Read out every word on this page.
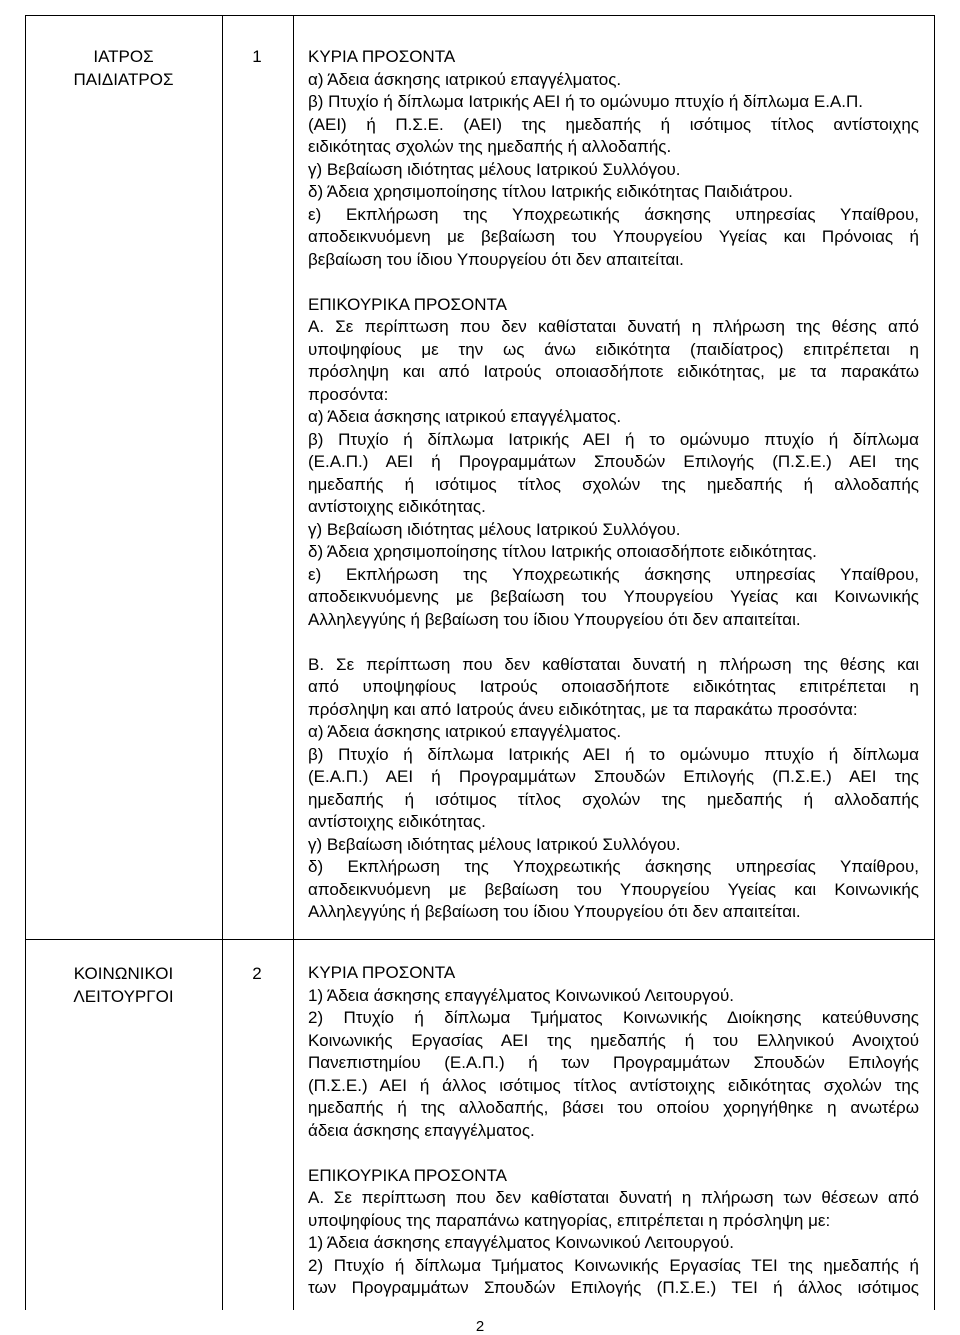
ΙΑΤΡΟΣ
ΠΑΙΔΙΑΤΡΟΣ
1	ΚΥΡΙΑ ΠΡΟΣΟΝΤΑ
α) Άδεια άσκησης ιατρικού επαγγέλματος.
β) Πτυχίο ή δίπλωμα Ιατρικής ΑΕΙ ή το ομώνυμο πτυχίο ή δίπλωμα Ε.Α.Π.
(ΑΕΙ) ή Π.Σ.Ε. (ΑΕΙ) της ημεδαπής ή ισότιμος τίτλος αντίστοιχης
ειδικότητας σχολών της ημεδαπής ή αλλοδαπής.
γ) Βεβαίωση ιδιότητας μέλους Ιατρικού Συλλόγου.
δ) Άδεια χρησιμοποίησης τίτλου Ιατρικής ειδικότητας Παιδιάτρου.
ε) Εκπλήρωση της Υποχρεωτικής άσκησης υπηρεσίας Υπαίθρου,
αποδεικνυόμενη με βεβαίωση του Υπουργείου Υγείας και Πρόνοιας ή
βεβαίωση του ίδιου Υπουργείου ότι δεν απαιτείται.
ΕΠΙΚΟΥΡΙΚΑ ΠΡΟΣΟΝΤΑ
Α. Σε περίπτωση που δεν καθίσταται δυνατή η πλήρωση της θέσης από
υποψηφίους με την ως άνω ειδικότητα (παιδίατρος) επιτρέπεται η
πρόσληψη και από Ιατρούς οποιασδήποτε ειδικότητας, με τα παρακάτω
προσόντα:
α) Άδεια άσκησης ιατρικού επαγγέλματος.
β) Πτυχίο ή δίπλωμα Ιατρικής ΑΕΙ ή το ομώνυμο πτυχίο ή δίπλωμα
(Ε.Α.Π.) ΑΕΙ ή Προγραμμάτων Σπουδών Επιλογής (Π.Σ.Ε.) ΑΕΙ της
ημεδαπής ή ισότιμος τίτλος σχολών της ημεδαπής ή αλλοδαπής
αντίστοιχης ειδικότητας.
γ) Βεβαίωση ιδιότητας μέλους Ιατρικού Συλλόγου.
δ) Άδεια χρησιμοποίησης τίτλου Ιατρικής οποιασδήποτε ειδικότητας.
ε) Εκπλήρωση της Υποχρεωτικής άσκησης υπηρεσίας Υπαίθρου,
αποδεικνυόμενης με βεβαίωση του Υπουργείου Υγείας και Κοινωνικής
Αλληλεγγύης ή βεβαίωση του ίδιου Υπουργείου ότι δεν απαιτείται.
Β. Σε περίπτωση που δεν καθίσταται δυνατή η πλήρωση της θέσης και
από υποψηφίους Ιατρούς οποιασδήποτε ειδικότητας επιτρέπεται η
πρόσληψη και από Ιατρούς άνευ ειδικότητας, με τα παρακάτω προσόντα:
α) Άδεια άσκησης ιατρικού επαγγέλματος.
β) Πτυχίο ή δίπλωμα Ιατρικής ΑΕΙ ή το ομώνυμο πτυχίο ή δίπλωμα
(Ε.Α.Π.) ΑΕΙ ή Προγραμμάτων Σπουδών Επιλογής (Π.Σ.Ε.) ΑΕΙ της
ημεδαπής ή ισότιμος τίτλος σχολών της ημεδαπής ή αλλοδαπής
αντίστοιχης ειδικότητας.
γ) Βεβαίωση ιδιότητας μέλους Ιατρικού Συλλόγου.
δ) Εκπλήρωση της Υποχρεωτικής άσκησης υπηρεσίας Υπαίθρου,
αποδεικνυόμενη με βεβαίωση του Υπουργείου Υγείας και Κοινωνικής
Αλληλεγγύης ή βεβαίωση του ίδιου Υπουργείου ότι δεν απαιτείται.
ΚΟΙΝΩΝΙΚΟΙ
ΛΕΙΤΟΥΡΓΟΙ
2	ΚΥΡΙΑ ΠΡΟΣΟΝΤΑ
1) Άδεια άσκησης επαγγέλματος Κοινωνικού Λειτουργού.
2) Πτυχίο ή δίπλωμα Τμήματος Κοινωνικής Διοίκησης κατεύθυνσης
Κοινωνικής Εργασίας ΑΕΙ της ημεδαπής ή του Ελληνικού Ανοιχτού
Πανεπιστημίου (Ε.Α.Π.) ή των Προγραμμάτων Σπουδών Επιλογής
(Π.Σ.Ε.) ΑΕΙ ή άλλος ισότιμος τίτλος αντίστοιχης ειδικότητας σχολών της
ημεδαπής ή της αλλοδαπής, βάσει του οποίου χορηγήθηκε η ανωτέρω
άδεια άσκησης επαγγέλματος.
ΕΠΙΚΟΥΡΙΚΑ ΠΡΟΣΟΝΤΑ
Α. Σε περίπτωση που δεν καθίσταται δυνατή η πλήρωση των θέσεων από
υποψηφίους της παραπάνω κατηγορίας, επιτρέπεται η πρόσληψη με:
1) Άδεια άσκησης επαγγέλματος Κοινωνικού Λειτουργού.
2) Πτυχίο ή δίπλωμα Τμήματος Κοινωνικής Εργασίας ΤΕΙ της ημεδαπής ή
των Προγραμμάτων Σπουδών Επιλογής (Π.Σ.Ε.) ΤΕΙ ή άλλος ισότιμος
2
